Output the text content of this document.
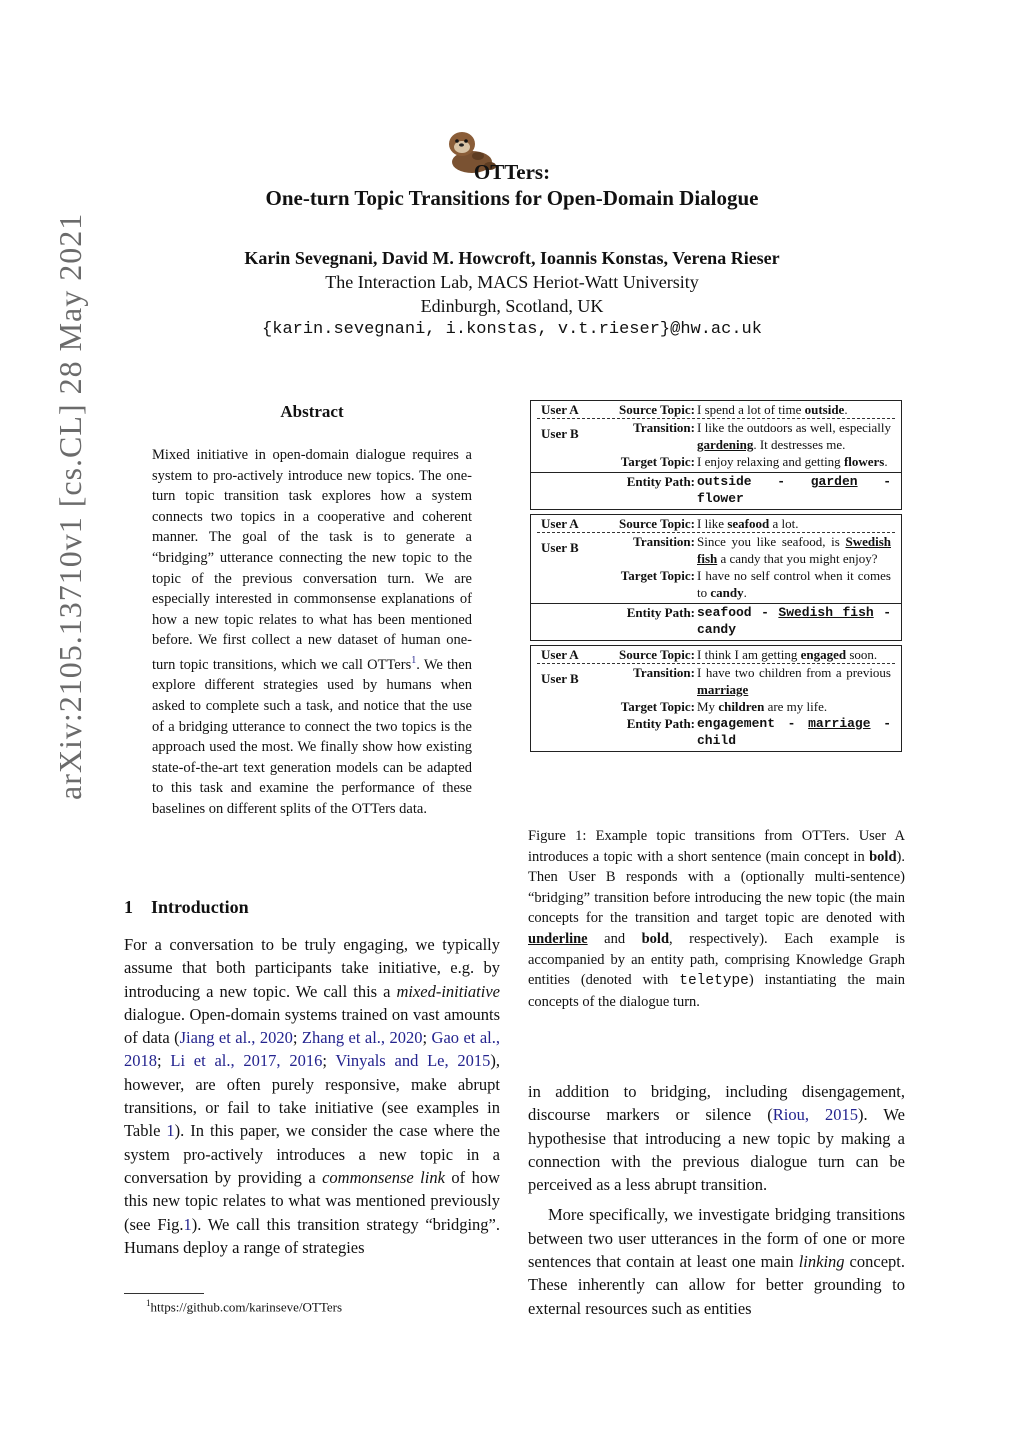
arXiv:2105.13710v1 [cs.CL] 28 May 2021
OTTers:
One-turn Topic Transitions for Open-Domain Dialogue
Karin Sevegnani, David M. Howcroft, Ioannis Konstas, Verena Rieser
The Interaction Lab, MACS Heriot-Watt University
Edinburgh, Scotland, UK
{karin.sevegnani, i.konstas, v.t.rieser}@hw.ac.uk
Abstract
Mixed initiative in open-domain dialogue requires a system to pro-actively introduce new topics. The one-turn topic transition task explores how a system connects two topics in a cooperative and coherent manner. The goal of the task is to generate a “bridging” utterance connecting the new topic to the topic of the previous conversation turn. We are especially interested in commonsense explanations of how a new topic relates to what has been mentioned before. We first collect a new dataset of human one-turn topic transitions, which we call OTTers$^1$. We then explore different strategies used by humans when asked to complete such a task, and notice that the use of a bridging utterance to connect the two topics is the approach used the most. We finally show how existing state-of-the-art text generation models can be adapted to this task and examine the performance of these baselines on different splits of the OTTers data.
1 Introduction
For a conversation to be truly engaging, we typically assume that both participants take initiative, e.g. by introducing a new topic. We call this a mixed-initiative dialogue. Open-domain systems trained on vast amounts of data (Jiang et al., 2020; Zhang et al., 2020; Gao et al., 2018; Li et al., 2017, 2016; Vinyals and Le, 2015), however, are often purely responsive, make abrupt transitions, or fail to take initiative (see examples in Table 1). In this paper, we consider the case where the system pro-actively introduces a new topic in a conversation by providing a commonsense link of how this new topic relates to what was mentioned previously (see Fig.1). We call this transition strategy “bridging”. Humans deploy a range of strategies
$^1$https://github.com/karinseve/OTTers
User A	Source Topic: I spend a lot of time outside.
User B	Transition: I like the outdoors as well, especially gardening. It destresses me.
Target Topic: I enjoy relaxing and getting flowers.
Entity Path: outside - garden - flower
User A	Source Topic: I like seafood a lot.
User B	Transition: Since you like seafood, is Swedish fish a candy that you might enjoy?
Target Topic: I have no self control when it comes to candy.
Entity Path: seafood - Swedish fish - candy
User A	Source Topic: I think I am getting engaged soon.
User B	Transition: I have two children from a previous marriage
Target Topic: My children are my life.
Entity Path: engagement - marriage - child
Figure 1: Example topic transitions from OTTers. User A introduces a topic with a short sentence (main concept in bold). Then User B responds with a (optionally multi-sentence) “bridging” transition before introducing the new topic (the main concepts for the transition and target topic are denoted with underline and bold, respectively). Each example is accompanied by an entity path, comprising Knowledge Graph entities (denoted with teletype) instantiating the main concepts of the dialogue turn.

in addition to bridging, including disengagement, discourse markers or silence (Riou, 2015). We hypothesise that introducing a new topic by making a connection with the previous dialogue turn can be perceived as a less abrupt transition.

More specifically, we investigate bridging transitions between two user utterances in the form of one or more sentences that contain at least one main linking concept. These inherently can allow for better grounding to external resources such as entities
